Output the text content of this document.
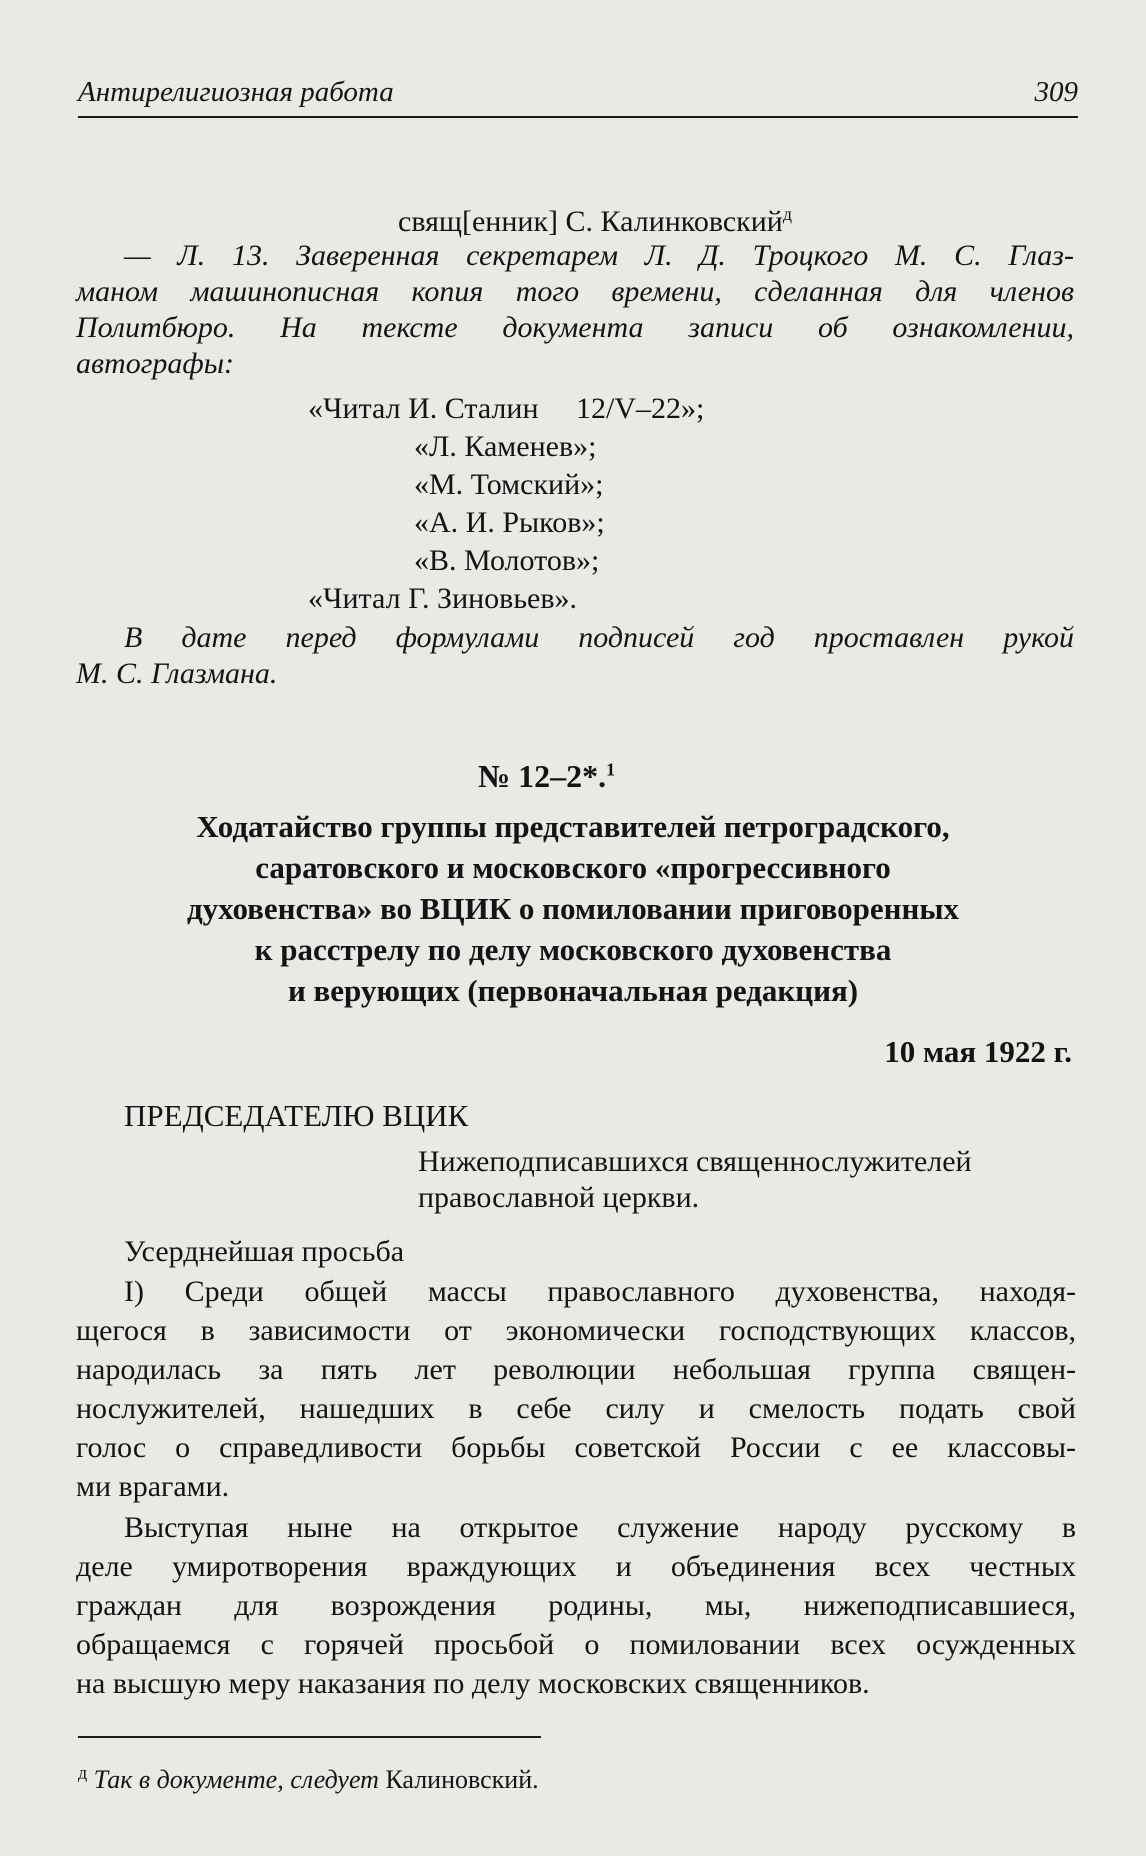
Антирелигиозная работа	309
свящ[енник] С. Калинковский$^д$
— Л. 13. Заверенная секретарем Л. Д. Троцкого М. С. Глаз-
маном машинописная копия того времени, сделанная для членов
Политбюро. На тексте документа записи об ознакомлении,
автографы:
«Читал И. Сталин     12/V–22»;
«Л. Каменев»;
«М. Томский»;
«А. И. Рыков»;
«В. Молотов»;
«Читал Г. Зиновьев».
В дате перед формулами подписей год проставлен рукой
М. С. Глазмана.
№ 12–2*.$^1$
Ходатайство группы представителей петроградского,
саратовского и московского «прогрессивного
духовенства» во ВЦИК о помиловании приговоренных
к расстрелу по делу московского духовенства
и верующих (первоначальная редакция)
10 мая 1922 г.
ПРЕДСЕДАТЕЛЮ ВЦИК
Нижеподписавшихся священнослужителей
православной церкви.
Усерднейшая просьба
I) Среди общей массы православного духовенства, находя-
щегося в зависимости от экономически господствующих классов,
народилась за пять лет революции небольшая группа священ-
нослужителей, нашедших в себе силу и смелость подать свой
голос о справедливости борьбы советской России с ее классовы-
ми врагами.
Выступая ныне на открытое служение народу русскому в
деле умиротворения враждующих и объединения всех честных
граждан для возрождения родины, мы, нижеподписавшиеся,
обращаемся с горячей просьбой о помиловании всех осужденных
на высшую меру наказания по делу московских священников.
$^д$ Так в документе, следует Калиновский.
